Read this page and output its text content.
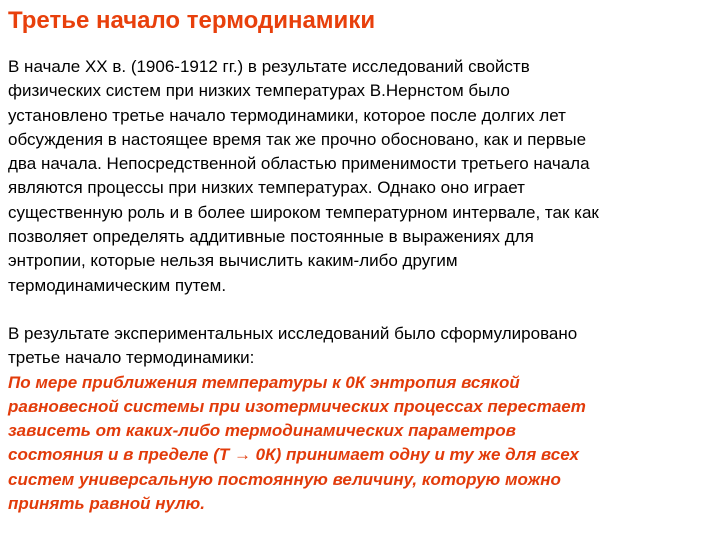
Третье начало термодинамики
В начале XX в. (1906-1912 гг.) в результате исследований свойств
физических систем при низких температурах В.Нернстом было
установлено третье начало термодинамики, которое после долгих лет
обсуждения в настоящее время так же прочно обосновано, как и первые
два начала. Непосредственной областью применимости третьего начала
являются процессы при низких температурах. Однако оно играет
существенную роль и в более широком температурном интервале, так как
позволяет определять аддитивные постоянные в выражениях для
энтропии, которые нельзя вычислить каким-либо другим
термодинамическим путем.
В результате экспериментальных исследований было сформулировано
третье начало термодинамики:
По мере приближения температуры к 0К энтропия всякой
равновесной системы при изотермических процессах перестает
зависеть от каких-либо термодинамических параметров
состояния и в пределе (Т → 0К) принимает одну и ту же для всех
систем универсальную постоянную величину, которую можно
принять равной нулю.
